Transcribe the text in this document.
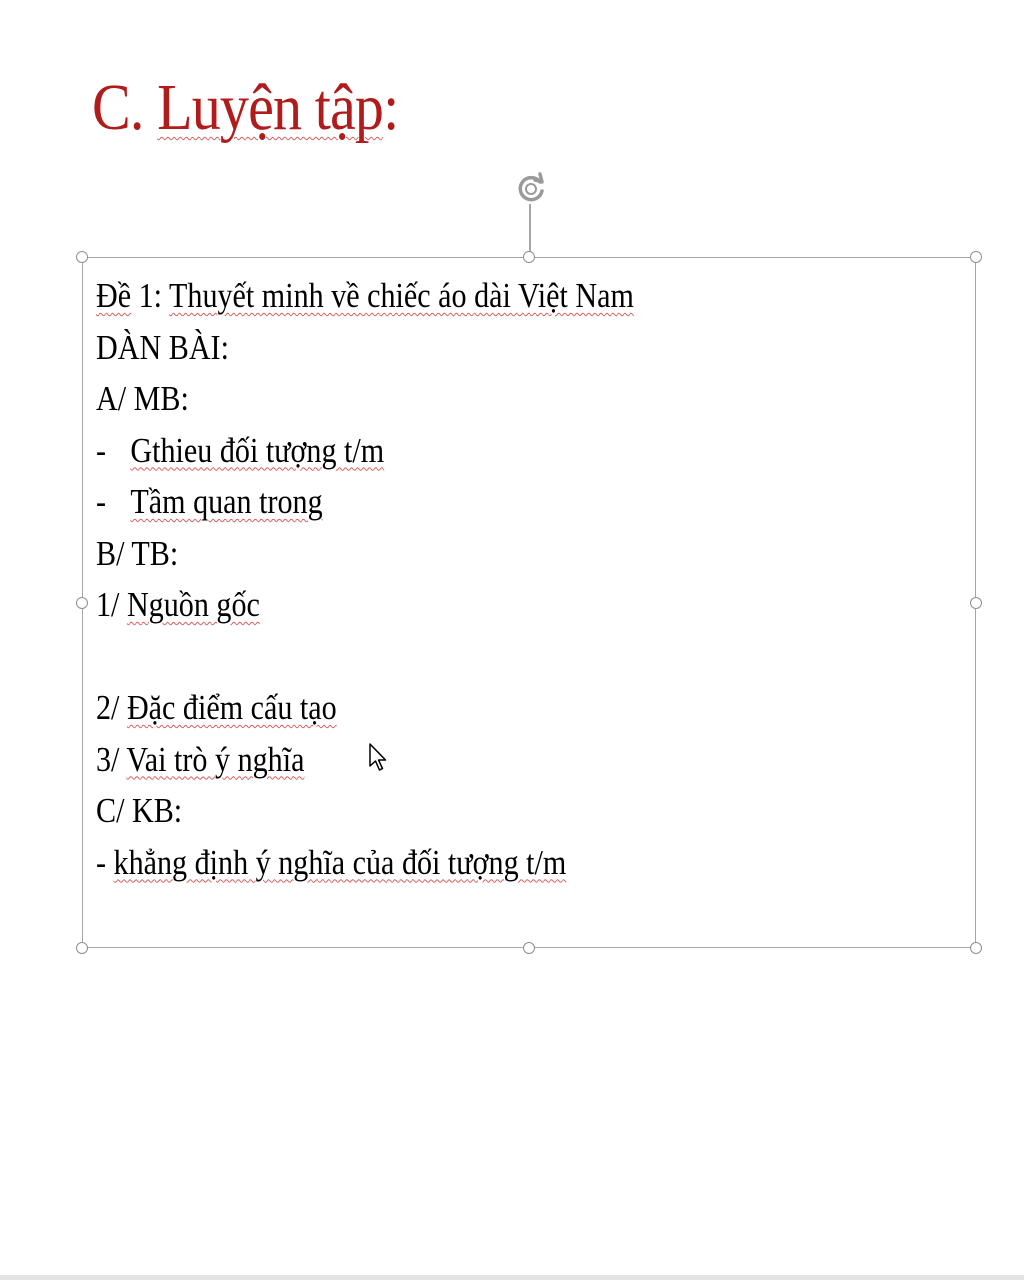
C. Luyện tập:
Đề 1: Thuyết minh về chiếc áo dài Việt Nam
DÀN BÀI:
A/ MB:
- Gthieu đối tượng t/m
- Tầm quan trong
B/ TB:
1/ Nguồn gốc
2/ Đặc điểm cấu tạo
3/ Vai trò ý nghĩa
C/ KB:
- khẳng định ý nghĩa của đối tượng t/m
